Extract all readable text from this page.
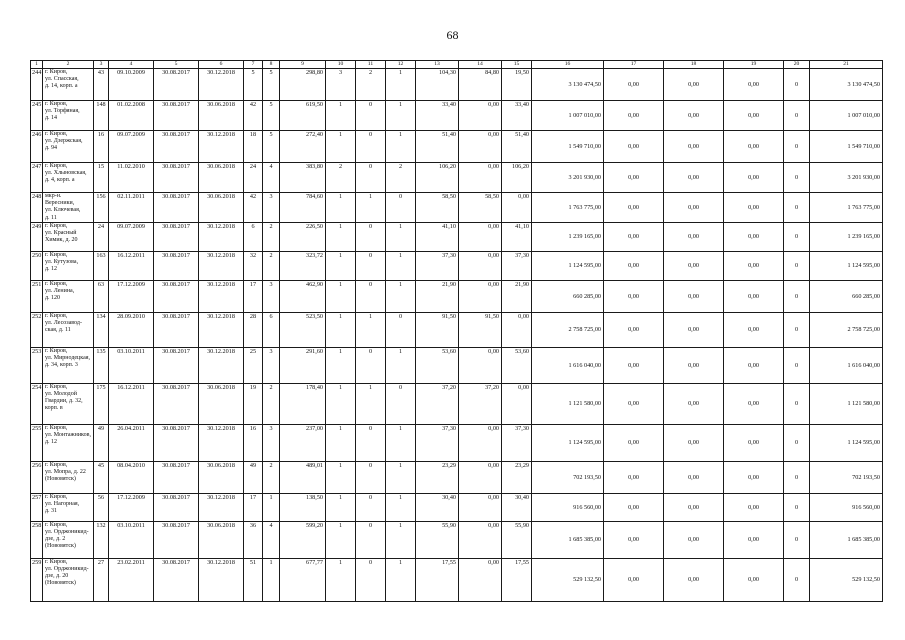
68
1	2	3	4	5	6	7	8	9	10	11	12	13	14	15	16	17	18	19	20	21
244	г. Киров,
ул. Спасская,
д. 14, корп. а	43	09.10.2009	30.08.2017	30.12.2018	5	5	298,80	3	2	1	104,30	84,80	19,50	3 130 474,50	0,00	0,00	0,00	0	3 130 474,50
245	г. Киров,
ул. Торфяная,
д. 14	148	01.02.2008	30.08.2017	30.06.2018	42	5	619,50	1	0	1	33,40	0,00	33,40	1 007 010,00	0,00	0,00	0,00	0	1 007 010,00
246	г. Киров,
ул. Дзержская,
д. 94	16	09.07.2009	30.08.2017	30.12.2018	18	5	272,40	1	0	1	51,40	0,00	51,40	1 549 710,00	0,00	0,00	0,00	0	1 549 710,00
247	г. Киров,
ул. Хлыновская,
д. 4, корп. а	15	11.02.2010	30.08.2017	30.06.2018	24	4	383,80	2	0	2	106,20	0,00	106,20	3 201 930,00	0,00	0,00	0,00	0	3 201 930,00
248	мкр-н. Вересники,
ул. Ключевая,
д. 11	156	02.11.2011	30.08.2017	30.06.2018	42	3	784,60	1	1	0	58,50	58,50	0,00	1 763 775,00	0,00	0,00	0,00	0	1 763 775,00
249	г. Киров,
ул. Красный
Химик, д. 20	24	09.07.2009	30.08.2017	30.12.2018	6	2	226,50	1	0	1	41,10	0,00	41,10	1 239 165,00	0,00	0,00	0,00	0	1 239 165,00
250	г. Киров,
ул. Кутузова,
д. 12	163	16.12.2011	30.08.2017	30.12.2018	32	2	323,72	1	0	1	37,30	0,00	37,30	1 124 595,00	0,00	0,00	0,00	0	1 124 595,00
251	г. Киров,
ул. Ленина,
д. 120	63	17.12.2009	30.08.2017	30.12.2018	17	3	462,90	1	0	1	21,90	0,00	21,90	660 285,00	0,00	0,00	0,00	0	660 285,00
252	г. Киров,
ул. Лесозавод-
ская, д. 11	134	28.09.2010	30.08.2017	30.12.2018	28	6	523,50	1	1	0	91,50	91,50	0,00	2 758 725,00	0,00	0,00	0,00	0	2 758 725,00
253	г. Киров,
ул. Мирнодецкая,
д. 34, корп. 3	135	03.10.2011	30.08.2017	30.12.2018	25	3	291,60	1	0	1	53,60	0,00	53,60	1 616 040,00	0,00	0,00	0,00	0	1 616 040,00
254	г. Киров,
ул. Молодой
Гвардии, д. 32,
корп. в	175	16.12.2011	30.08.2017	30.06.2018	19	2	178,40	1	1	0	37,20	37,20	0,00	1 121 580,00	0,00	0,00	0,00	0	1 121 580,00
255	г. Киров,
ул. Монтажников,
д. 12	49	26.04.2011	30.08.2017	30.12.2018	16	3	237,00	1	0	1	37,30	0,00	37,30	1 124 595,00	0,00	0,00	0,00	0	1 124 595,00
256	г. Киров,
ул. Мопра, д. 22
(Нововятск)	45	08.04.2010	30.08.2017	30.06.2018	49	2	489,01	1	0	1	23,29	0,00	23,29	702 193,50	0,00	0,00	0,00	0	702 193,50
257	г. Киров,
ул. Нагорная,
д. 31	56	17.12.2009	30.08.2017	30.12.2018	17	1	138,50	1	0	1	30,40	0,00	30,40	916 560,00	0,00	0,00	0,00	0	916 560,00
258	г. Киров,
ул. Орджоникид-
дзе, д. 2
(Нововятск)	132	03.10.2011	30.08.2017	30.06.2018	36	4	599,20	1	0	1	55,90	0,00	55,90	1 685 385,00	0,00	0,00	0,00	0	1 685 385,00
259	г. Киров,
ул. Орджоникид-
дзе, д. 20
(Нововятск)	27	23.02.2011	30.08.2017	30.12.2018	51	1	677,77	1	0	1	17,55	0,00	17,55	529 132,50	0,00	0,00	0,00	0	529 132,50
